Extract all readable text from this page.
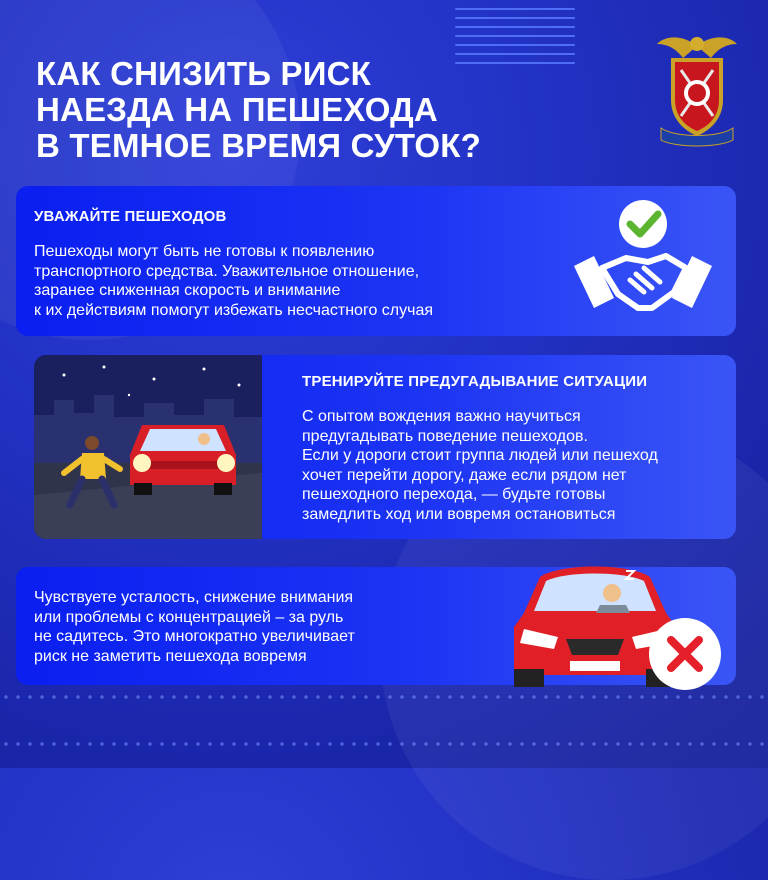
КАК СНИЗИТЬ РИСК
НАЕЗДА НА ПЕШЕХОДА
В ТЕМНОЕ ВРЕМЯ СУТОК?
УВАЖАЙТЕ ПЕШЕХОДОВ

Пешеходы могут быть не готовы к появлению
транспортного средства. Уважительное отношение,
заранее сниженная скорость и внимание
к их действиям помогут избежать несчастного случая

ТРЕНИРУЙТЕ ПРЕДУГАДЫВАНИЕ СИТУАЦИИ

С опытом вождения важно научиться
предугадывать поведение пешеходов.
Если у дороги стоит группа людей или пешеход
хочет перейти дорогу, даже если рядом нет
пешеходного перехода, — будьте готовы
замедлить ход или вовремя остановиться

Чувствуете усталость, снижение внимания
или проблемы с концентрацией – за руль
не садитесь. Это многократно увеличивает
риск не заметить пешехода вовремя
